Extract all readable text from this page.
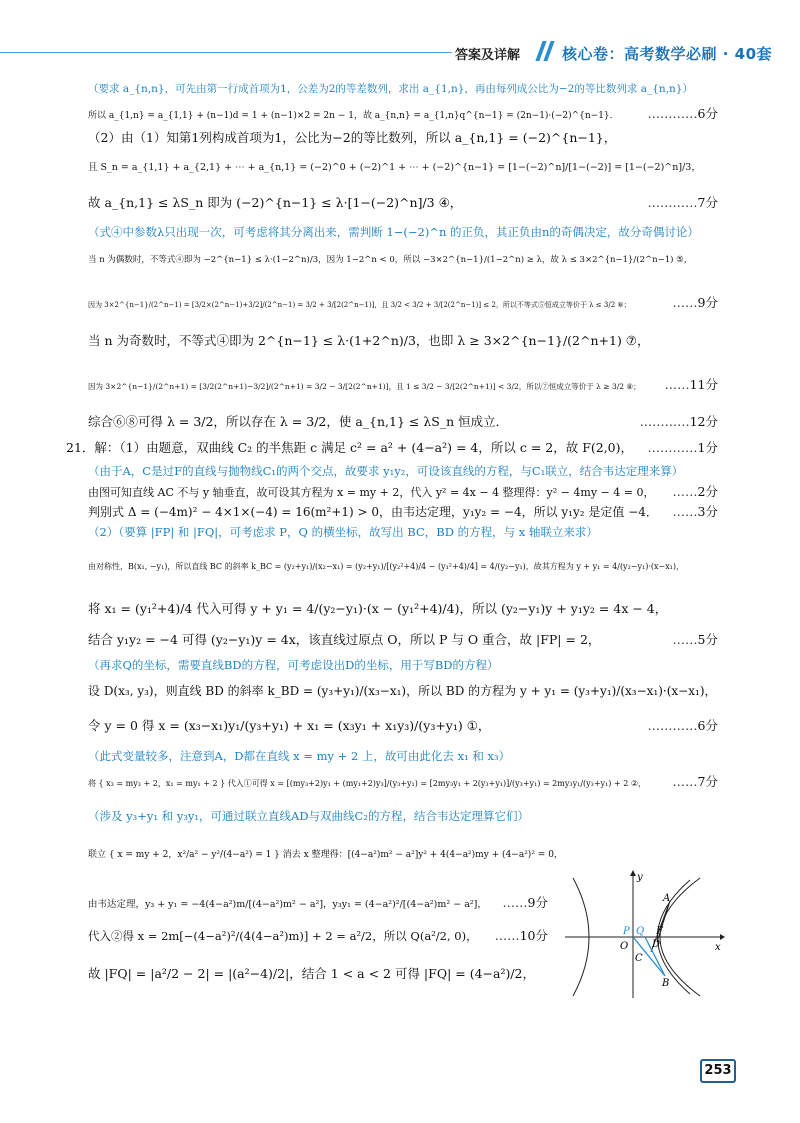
答案及详解	核心卷：高考数学必刷 · 40套
（要求 a_{n,n}，可先由第一行成首项为1，公差为2的等差数列，求出 a_{1,n}，再由每列成公比为−2的等比数列求 a_{n,n}）
所以 a_{1,n} = a_{1,1} + (n−1)d = 1 + (n−1)×2 = 2n − 1，故 a_{n,n} = a_{1,n}q^{n−1} = (2n−1)·(−2)^{n−1}． …………6分
（2）由（1）知第1列构成首项为1，公比为−2的等比数列，所以 a_{n,1} = (−2)^{n−1}，
且 S_n = a_{1,1} + a_{2,1} + ⋯ + a_{n,1} = (−2)^0 + (−2)^1 + ⋯ + (−2)^{n−1} = [1−(−2)^n]/[1−(−2)] = [1−(−2)^n]/3，
故 a_{n,1} ≤ λS_n 即为 (−2)^{n−1} ≤ λ·[1−(−2)^n]/3 ④，	…………7分
（式④中参数λ只出现一次，可考虑将其分离出来，需判断 1−(−2)^n 的正负，其正负由n的奇偶决定，故分奇偶讨论）
当 n 为偶数时，不等式④即为 −2^{n−1} ≤ λ·(1−2^n)/3，因为 1−2^n < 0，所以 −3×2^{n−1}/(1−2^n) ≥ λ，故 λ ≤ 3×2^{n−1}/(2^n−1) ⑤，
因为 3×2^{n−1}/(2^n−1) = [3/2×(2^n−1)+3/2]/(2^n−1) = 3/2 + 3/[2(2^n−1)]，且 3/2 < 3/2 + 3/[2(2^n−1)] ≤ 2，所以不等式⑤恒成立等价于 λ ≤ 3/2 ⑥；	……9分
当 n 为奇数时，不等式④即为 2^{n−1} ≤ λ·(1+2^n)/3，也即 λ ≥ 3×2^{n−1}/(2^n+1) ⑦，
因为 3×2^{n−1}/(2^n+1) = [3/2(2^n+1)−3/2]/(2^n+1) = 3/2 − 3/[2(2^n+1)]，且 1 ≤ 3/2 − 3/[2(2^n+1)] < 3/2，所以⑦恒成立等价于 λ ≥ 3/2 ⑧； ……11分
综合⑥⑧可得 λ = 3/2，所以存在 λ = 3/2，使 a_{n,1} ≤ λS_n 恒成立．	…………12分
21．解：（1）由题意，双曲线 C₂ 的半焦距 c 满足 c² = a² + (4−a²) = 4，所以 c = 2，故 F(2,0)， …………1分
（由于A，C是过F的直线与抛物线C₁的两个交点，故要求 y₁y₂，可设该直线的方程，与C₁联立，结合韦达定理来算）
由图可知直线 AC 不与 y 轴垂直，故可设其方程为 x = my + 2，代入 y² = 4x − 4 整理得：y² − 4my − 4 = 0， ……2分
判别式 Δ = (−4m)² − 4×1×(−4) = 16(m²+1) > 0，由韦达定理，y₁y₂ = −4，所以 y₁y₂ 是定值 −4． ……3分
（2）（要算 |FP| 和 |FQ|，可考虑求 P，Q 的横坐标，故写出 BC，BD 的方程，与 x 轴联立来求）
由对称性，B(x₁, −y₁)，所以直线 BC 的斜率 k_BC = (y₂+y₁)/(x₂−x₁) = (y₂+y₁)/[(y₂²+4)/4 − (y₁²+4)/4] = 4/(y₂−y₁)，故其方程为 y + y₁ = 4/(y₂−y₁)·(x−x₁)，
将 x₁ = (y₁²+4)/4 代入可得 y + y₁ = 4/(y₂−y₁)·(x − (y₁²+4)/4)，所以 (y₂−y₁)y + y₁y₂ = 4x − 4，
结合 y₁y₂ = −4 可得 (y₂−y₁)y = 4x，该直线过原点 O，所以 P 与 O 重合，故 |FP| = 2，	……5分
（再求Q的坐标，需要直线BD的方程，可考虑设出D的坐标，用于写BD的方程）
设 D(x₃, y₃)，则直线 BD 的斜率 k_BD = (y₃+y₁)/(x₃−x₁)，所以 BD 的方程为 y + y₁ = (y₃+y₁)/(x₃−x₁)·(x−x₁)，
令 y = 0 得 x = (x₃−x₁)y₁/(y₃+y₁) + x₁ = (x₃y₁ + x₁y₃)/(y₃+y₁) ①，	…………6分
（此式变量较多，注意到A，D都在直线 x = my + 2 上，故可由此化去 x₁ 和 x₃）
将 { x₃ = my₃ + 2，x₁ = my₁ + 2 } 代入①可得 x = [(my₃+2)y₁ + (my₁+2)y₃]/(y₃+y₁) = [2my₃y₁ + 2(y₃+y₁)]/(y₃+y₁) = 2my₃y₁/(y₃+y₁) + 2 ②， ……7分
（涉及 y₃+y₁ 和 y₃y₁，可通过联立直线AD与双曲线C₂的方程，结合韦达定理算它们）
联立 { x = my + 2，x²/a² − y²/(4−a²) = 1 } 消去 x 整理得：[(4−a²)m² − a²]y² + 4(4−a²)my + (4−a²)² = 0，
由韦达定理，y₃ + y₁ = −4(4−a²)m/[(4−a²)m² − a²]，y₃y₁ = (4−a²)²/[(4−a²)m² − a²]， ……9分
代入②得 x = 2m[−(4−a²)²/(4(4−a²)m)] + 2 = a²/2，所以 Q(a²/2, 0)， ……10分
故 |FQ| = |a²/2 − 2| = |(a²−4)/2|，结合 1 < a < 2 可得 |FQ| = (4−a²)/2，
y
x
O
P Q F
A
D
C
B
253
